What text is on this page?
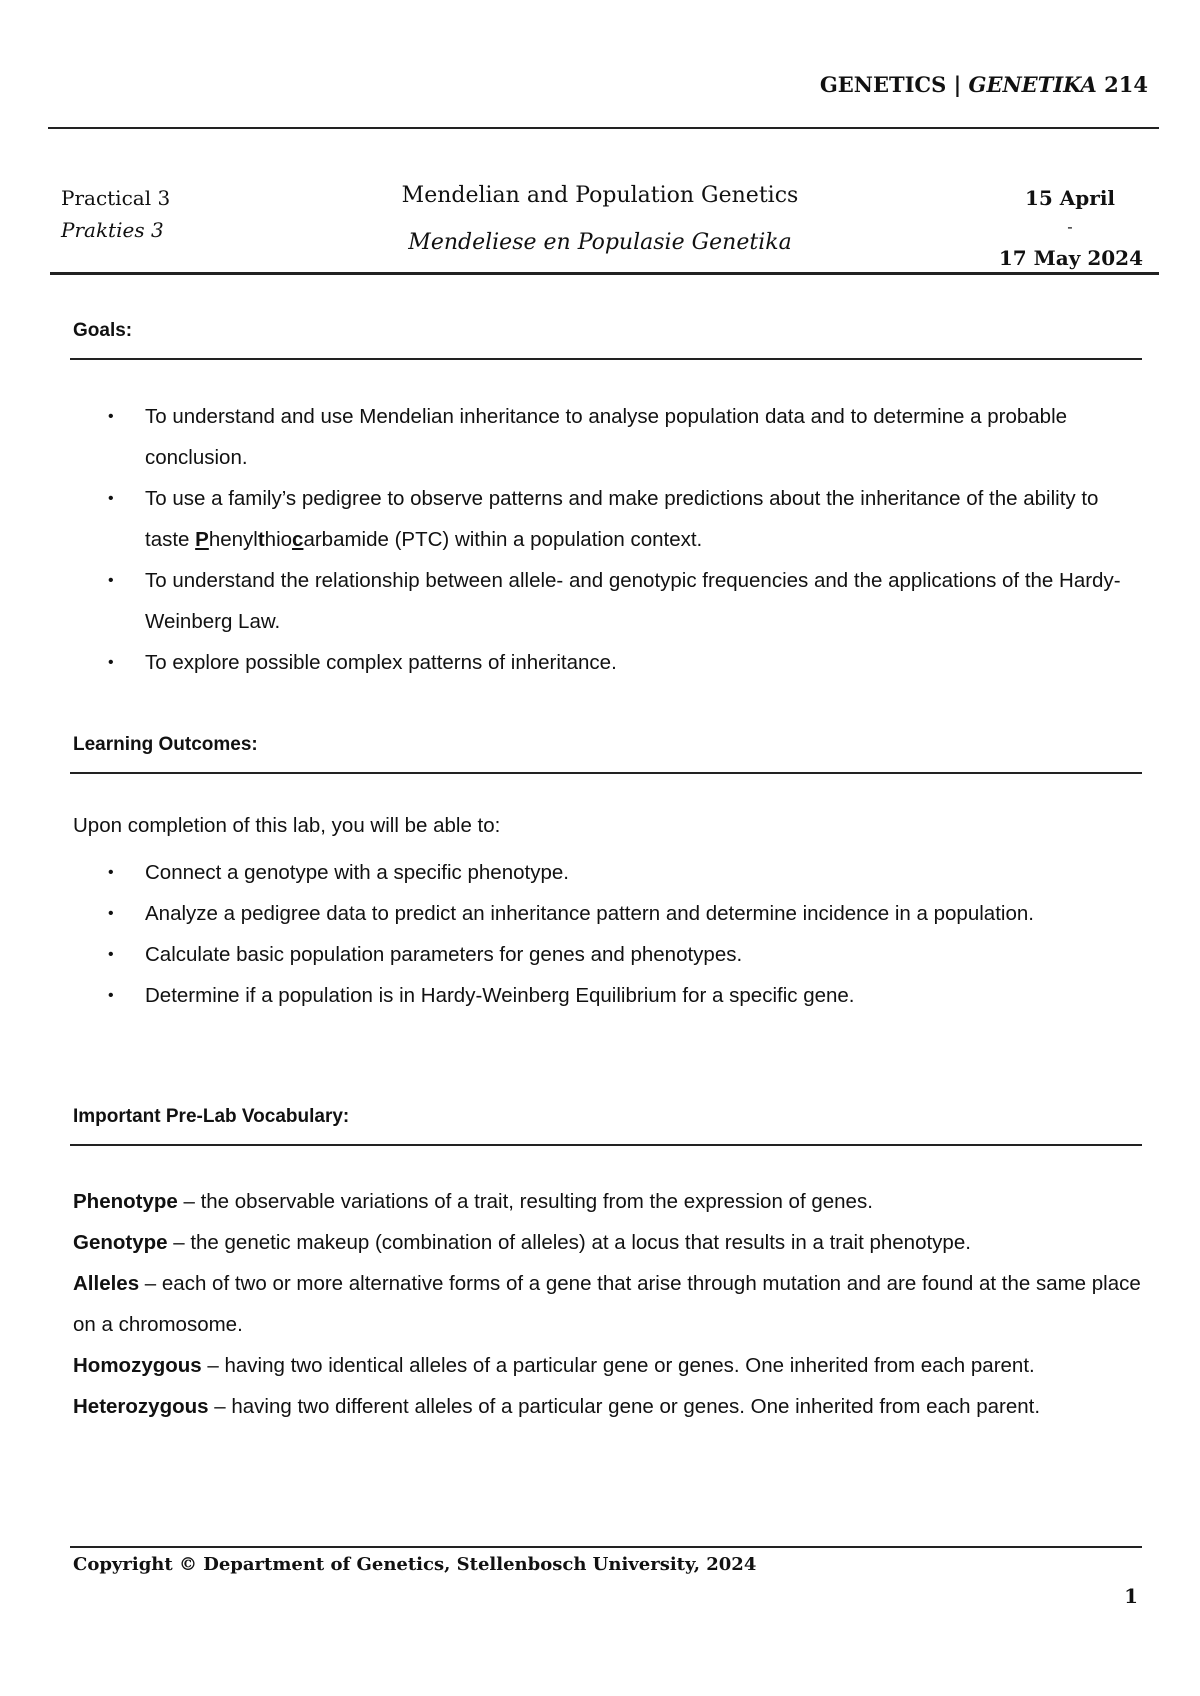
GENETICS | GENETIKA 214
Practical 3
Prakties 3
Mendelian and Population Genetics
Mendeliese en Populasie Genetika
15 April
-
17 May 2024
Goals:
• To understand and use Mendelian inheritance to analyse population data and to determine a probable conclusion.
• To use a family’s pedigree to observe patterns and make predictions about the inheritance of the ability to taste Phenylthiocarbamide (PTC) within a population context.
• To understand the relationship between allele- and genotypic frequencies and the applications of the Hardy-Weinberg Law.
• To explore possible complex patterns of inheritance.
Learning Outcomes:
Upon completion of this lab, you will be able to:
• Connect a genotype with a specific phenotype.
• Analyze a pedigree data to predict an inheritance pattern and determine incidence in a population.
• Calculate basic population parameters for genes and phenotypes.
• Determine if a population is in Hardy-Weinberg Equilibrium for a specific gene.
Important Pre-Lab Vocabulary:

Phenotype – the observable variations of a trait, resulting from the expression of genes.

Genotype – the genetic makeup (combination of alleles) at a locus that results in a trait phenotype.

Alleles – each of two or more alternative forms of a gene that arise through mutation and are found at the same place on a chromosome.

Homozygous – having two identical alleles of a particular gene or genes. One inherited from each parent.

Heterozygous – having two different alleles of a particular gene or genes. One inherited from each parent.

Copyright © Department of Genetics, Stellenbosch University, 2024
1
